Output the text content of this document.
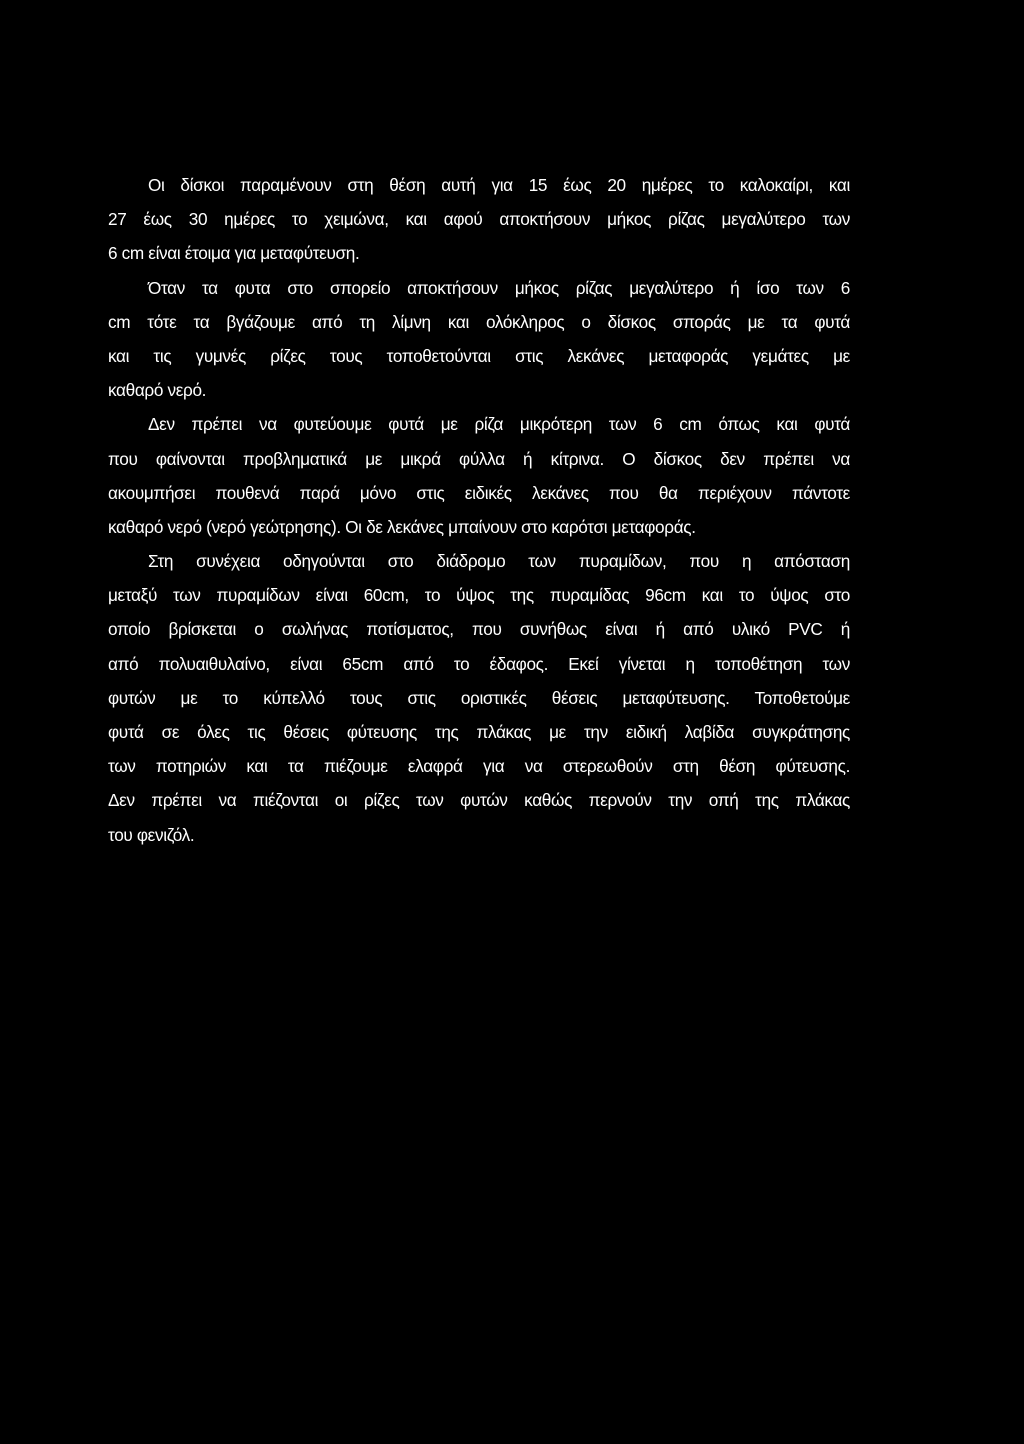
Οι δίσκοι παραμένουν στη θέση αυτή για 15 έως 20 ημέρες το καλοκαίρι, και
27 έως 30 ημέρες το χειμώνα, και αφού αποκτήσουν μήκος ρίζας μεγαλύτερο των
6 cm είναι έτοιμα για μεταφύτευση.
Όταν τα φυτα στο σπορείο αποκτήσουν μήκος ρίζας μεγαλύτερο ή ίσο των 6
cm τότε τα βγάζουμε από τη λίμνη και ολόκληρος ο δίσκος σποράς με τα φυτά
και τις γυμνές ρίζες τους τοποθετούνται στις λεκάνες μεταφοράς γεμάτες με
καθαρό νερό.
Δεν πρέπει να φυτεύουμε φυτά με ρίζα μικρότερη των 6 cm όπως και φυτά
που φαίνονται προβληματικά με μικρά φύλλα ή κίτρινα. Ο δίσκος δεν πρέπει να
ακουμπήσει πουθενά παρά μόνο στις ειδικές λεκάνες που θα περιέχουν πάντοτε
καθαρό νερό (νερό γεώτρησης). Οι δε λεκάνες μπαίνουν στο καρότσι μεταφοράς.
Στη συνέχεια οδηγούνται στο διάδρομο των πυραμίδων, που η απόσταση
μεταξύ των πυραμίδων είναι 60cm, το ύψος της πυραμίδας 96cm και το ύψος στο
οποίο βρίσκεται ο σωλήνας ποτίσματος, που συνήθως είναι ή από υλικό PVC ή
από πολυαιθυλαίνο, είναι 65cm από το έδαφος. Εκεί γίνεται η τοποθέτηση των
φυτών με το κύπελλό τους στις οριστικές θέσεις μεταφύτευσης. Τοποθετούμε
φυτά σε όλες τις θέσεις φύτευσης της πλάκας με την ειδική λαβίδα συγκράτησης
των ποτηριών και τα πιέζουμε ελαφρά για να στερεωθούν στη θέση φύτευσης.
Δεν πρέπει να πιέζονται οι ρίζες των φυτών καθώς περνούν την οπή της πλάκας
του φενιζόλ.
